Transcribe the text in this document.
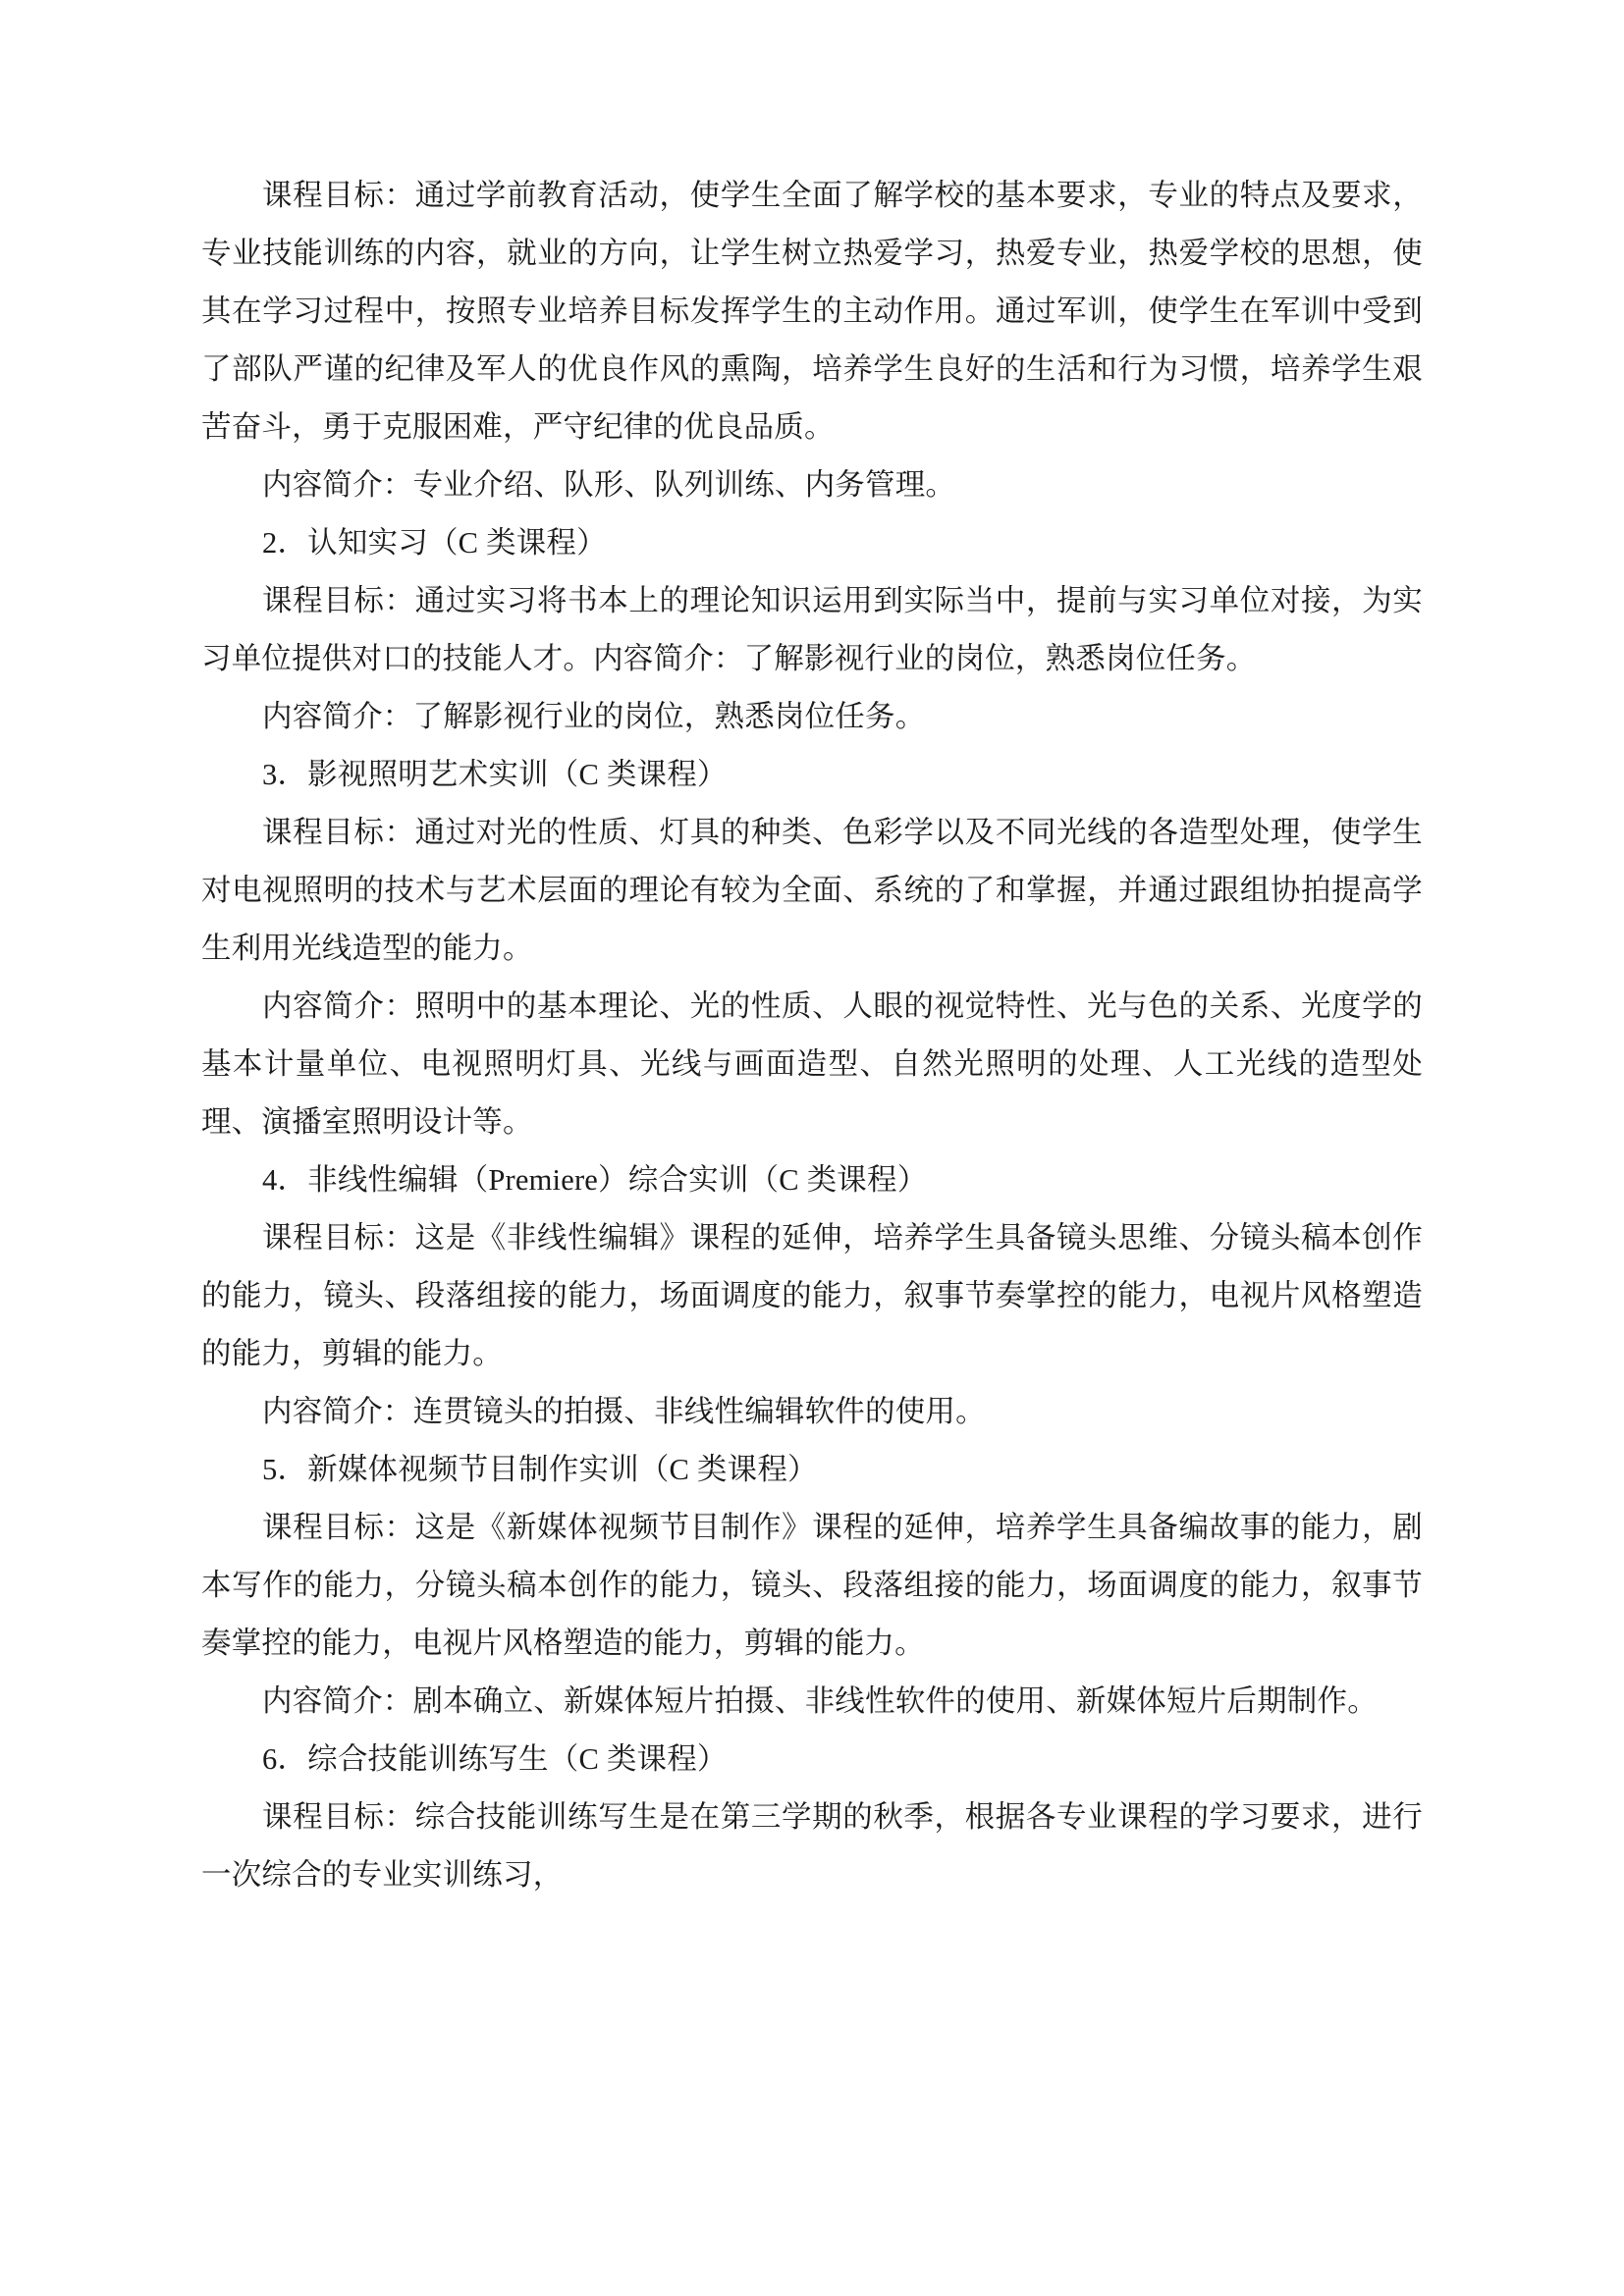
课程目标：通过学前教育活动，使学生全面了解学校的基本要求，专业的特点及要求，专业技能训练的内容，就业的方向，让学生树立热爱学习，热爱专业，热爱学校的思想，使其在学习过程中，按照专业培养目标发挥学生的主动作用。通过军训，使学生在军训中受到了部队严谨的纪律及军人的优良作风的熏陶，培养学生良好的生活和行为习惯，培养学生艰苦奋斗，勇于克服困难，严守纪律的优良品质。

内容简介：专业介绍、队形、队列训练、内务管理。

2．认知实习（C 类课程）

课程目标：通过实习将书本上的理论知识运用到实际当中，提前与实习单位对接，为实习单位提供对口的技能人才。内容简介：了解影视行业的岗位，熟悉岗位任务。

内容简介：了解影视行业的岗位，熟悉岗位任务。

3．影视照明艺术实训（C 类课程）

课程目标：通过对光的性质、灯具的种类、色彩学以及不同光线的各造型处理，使学生对电视照明的技术与艺术层面的理论有较为全面、系统的了和掌握，并通过跟组协拍提高学生利用光线造型的能力。

内容简介：照明中的基本理论、光的性质、人眼的视觉特性、光与色的关系、光度学的基本计量单位、电视照明灯具、光线与画面造型、自然光照明的处理、人工光线的造型处理、演播室照明设计等。

4．非线性编辑（Premiere）综合实训（C 类课程）

课程目标：这是《非线性编辑》课程的延伸，培养学生具备镜头思维、分镜头稿本创作的能力，镜头、段落组接的能力，场面调度的能力，叙事节奏掌控的能力，电视片风格塑造的能力，剪辑的能力。

内容简介：连贯镜头的拍摄、非线性编辑软件的使用。

5．新媒体视频节目制作实训（C 类课程）

课程目标：这是《新媒体视频节目制作》课程的延伸，培养学生具备编故事的能力，剧本写作的能力，分镜头稿本创作的能力，镜头、段落组接的能力，场面调度的能力，叙事节奏掌控的能力，电视片风格塑造的能力，剪辑的能力。

内容简介：剧本确立、新媒体短片拍摄、非线性软件的使用、新媒体短片后期制作。

6．综合技能训练写生（C 类课程）

课程目标：综合技能训练写生是在第三学期的秋季，根据各专业课程的学习要求，进行一次综合的专业实训练习，
